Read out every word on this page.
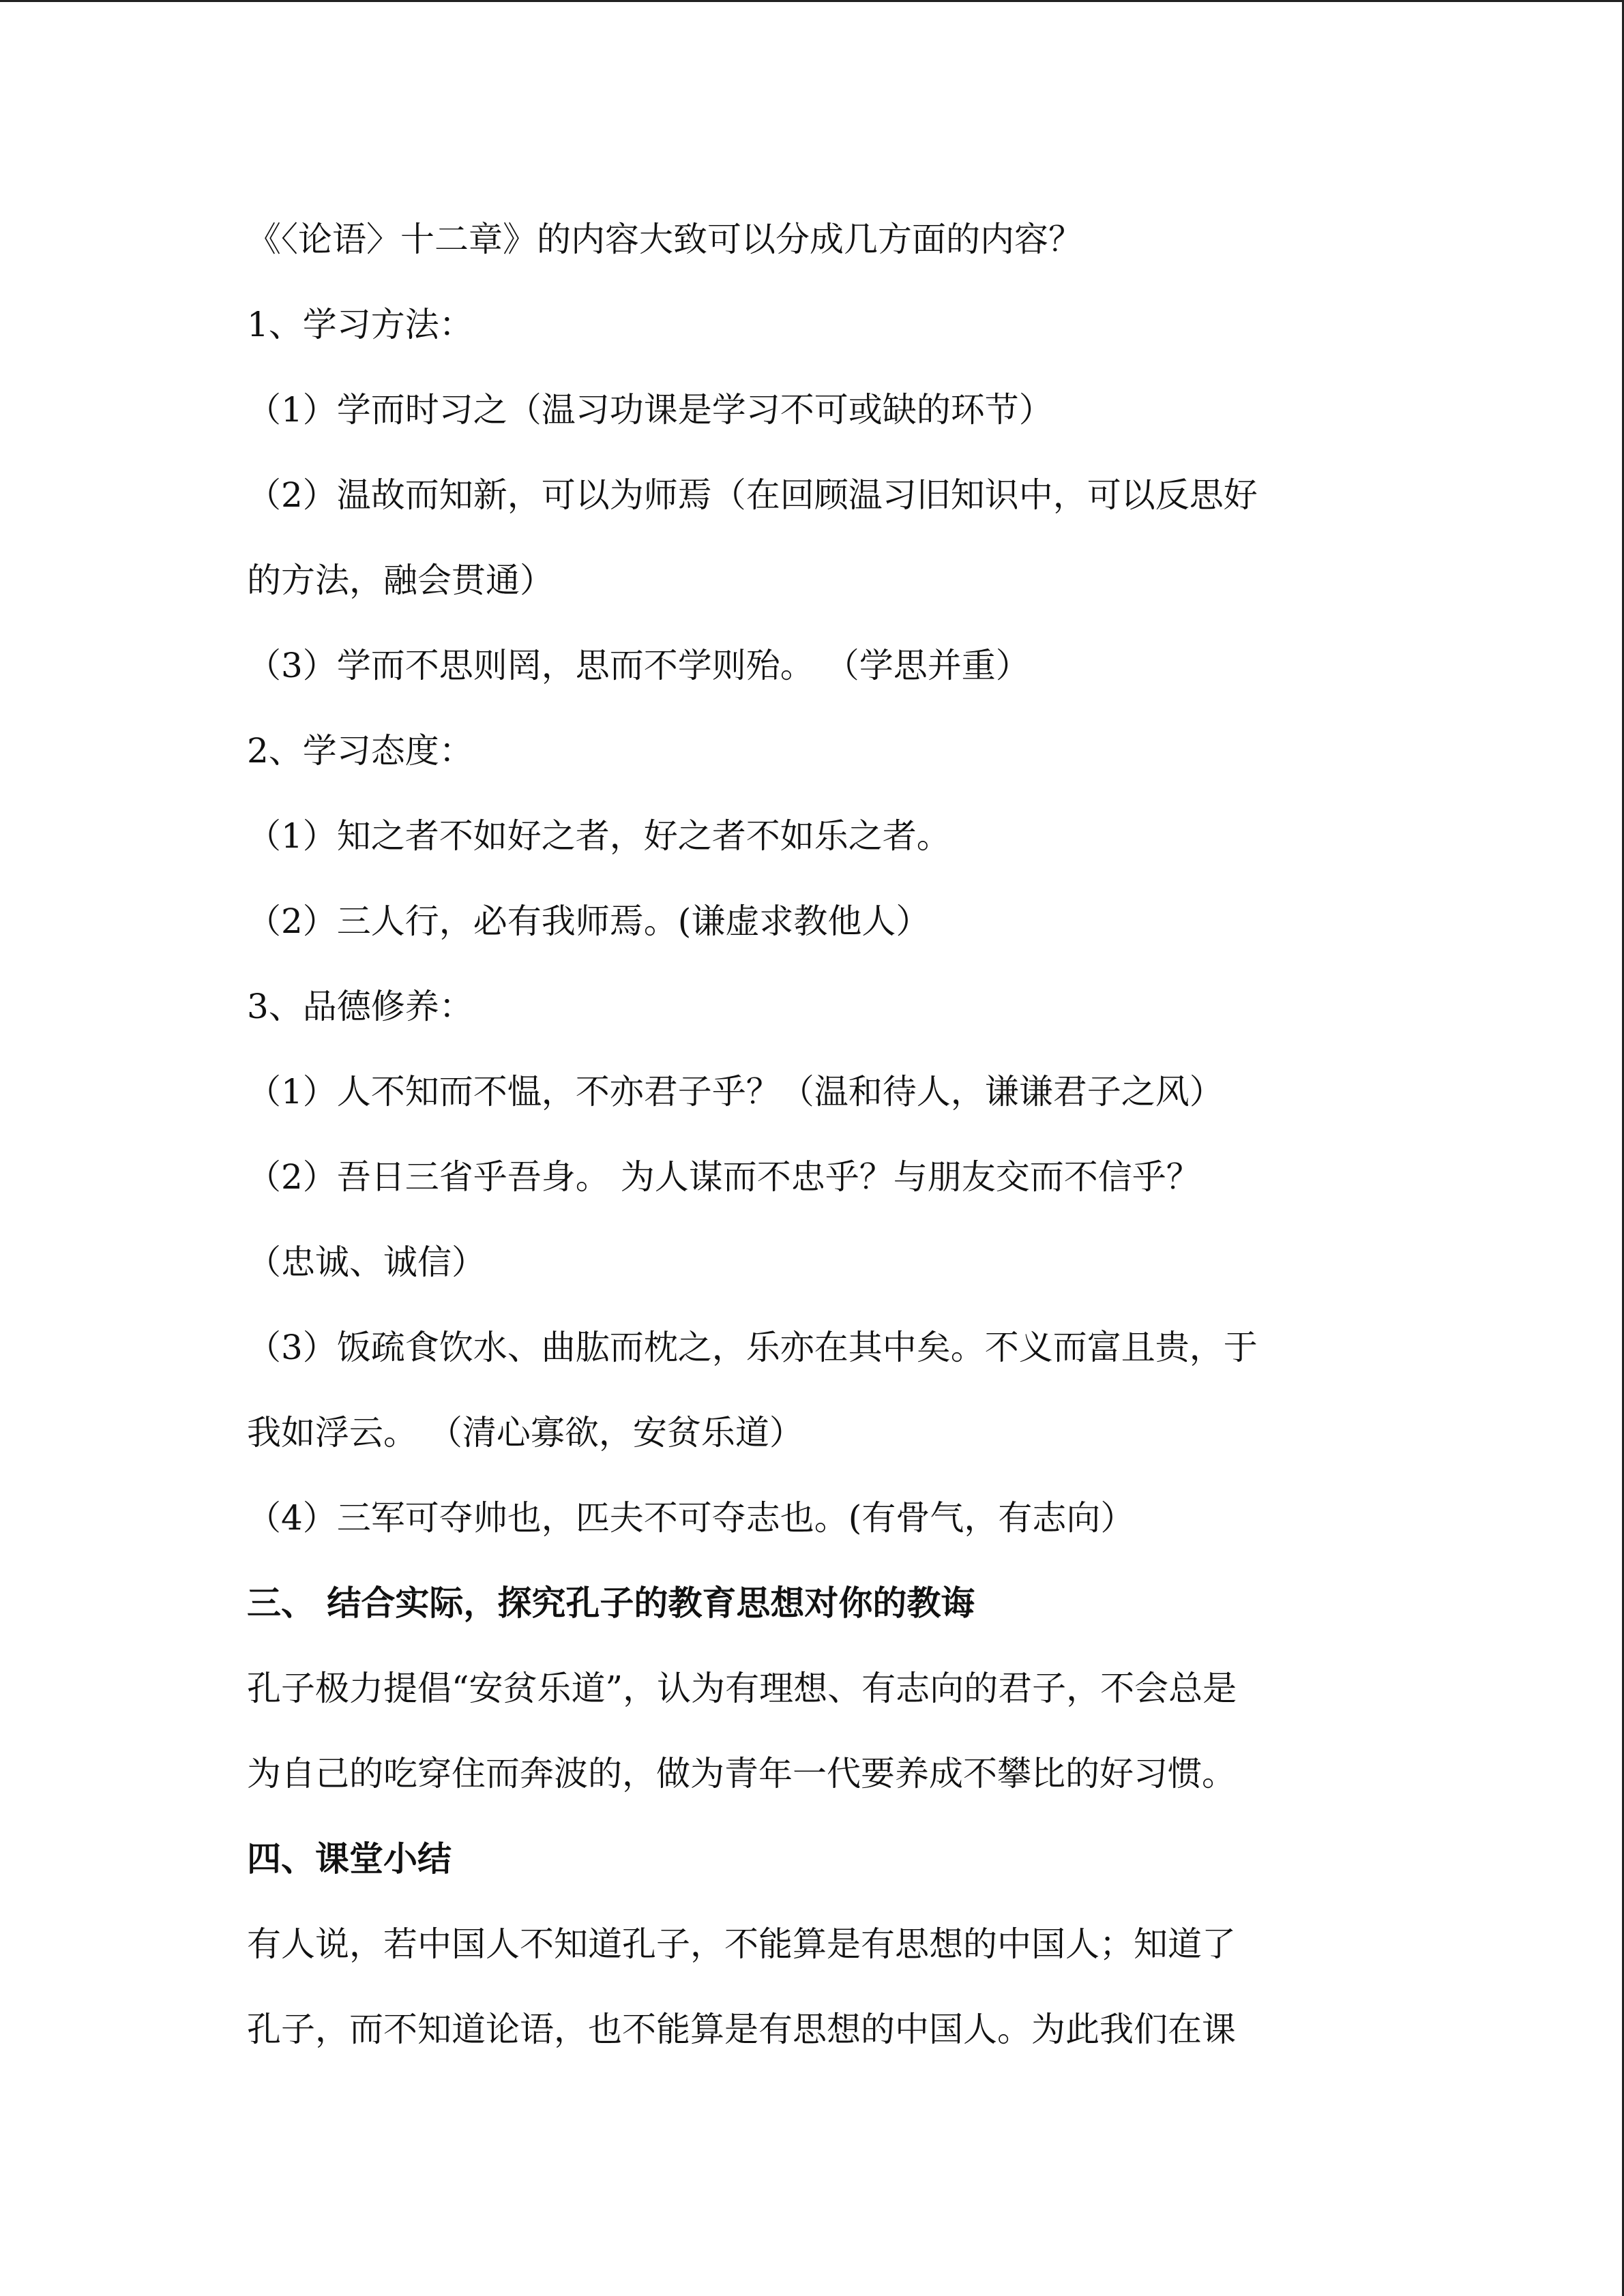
《〈论语〉十二章》的内容大致可以分成几方面的内容？
1、学习方法：
（1）学而时习之（温习功课是学习不可或缺的环节）
（2）温故而知新，可以为师焉（在回顾温习旧知识中，可以反思好
的方法，融会贯通）
（3）学而不思则罔，思而不学则殆。 （学思并重）
2、学习态度：
（1）知之者不如好之者，好之者不如乐之者。
（2）三人行，必有我师焉。(谦虚求教他人）
3、品德修养：
（1）人不知而不愠，不亦君子乎？（温和待人，谦谦君子之风）
（2）吾日三省乎吾身。 为人谋而不忠乎？与朋友交而不信乎？
（忠诚、诚信）
（3）饭疏食饮水、曲肱而枕之，乐亦在其中矣。不义而富且贵，于
我如浮云。 （清心寡欲，安贫乐道）
（4）三军可夺帅也，匹夫不可夺志也。(有骨气，有志向）
三、 结合实际，探究孔子的教育思想对你的教诲
孔子极力提倡“安贫乐道”，认为有理想、有志向的君子，不会总是
为自己的吃穿住而奔波的，做为青年一代要养成不攀比的好习惯。
四、课堂小结
有人说，若中国人不知道孔子，不能算是有思想的中国人；知道了
孔子，而不知道论语，也不能算是有思想的中国人。为此我们在课
